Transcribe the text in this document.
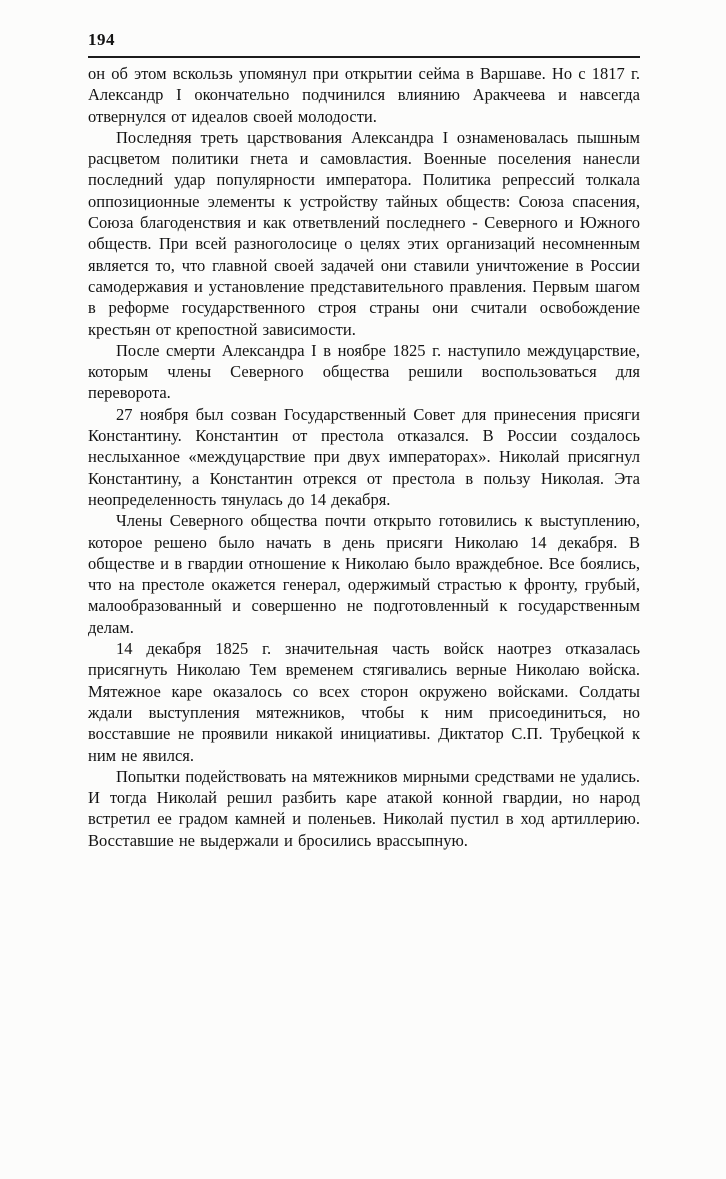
194

он об этом вскользь упомянул при открытии сейма в Варшаве. Но с 1817 г. Александр I окончательно подчинился влиянию Аракчеева и навсегда отвернулся от идеалов своей молодости.

Последняя треть царствования Александра I ознаменовалась пышным расцветом политики гнета и самовластия. Военные поселения нанесли последний удар популярности императора. Политика репрессий толкала оппозиционные элементы к устройству тайных обществ: Союза спасения, Союза благоденствия и как ответвлений последнего - Северного и Южного обществ. При всей разноголосице о целях этих организаций несомненным является то, что главной своей задачей они ставили уничтожение в России самодержавия и установление представительного правления. Первым шагом в реформе государственного строя страны они считали освобождение крестьян от крепостной зависимости.

После смерти Александра I в ноябре 1825 г. наступило междуцарствие, которым члены Северного общества решили воспользоваться для переворота.

27 ноября был созван Государственный Совет для принесения присяги Константину. Константин от престола отказался. В России создалось неслыханное «междуцарствие при двух императорах». Николай присягнул Константину, а Константин отрекся от престола в пользу Николая. Эта неопределенность тянулась до 14 декабря.

Члены Северного общества почти открыто готовились к выступлению, которое решено было начать в день присяги Николаю 14 декабря. В обществе и в гвардии отношение к Николаю было враждебное. Все боялись, что на престоле окажется генерал, одержимый страстью к фронту, грубый, малообразованный и совершенно не подготовленный к государственным делам.

14 декабря 1825 г. значительная часть войск наотрез отказалась присягнуть Николаю Тем временем стягивались верные Николаю войска. Мятежное каре оказалось со всех сторон окружено войсками. Солдаты ждали выступления мятежников, чтобы к ним присоединиться, но восставшие не проявили никакой инициативы. Диктатор С.П. Трубецкой к ним не явился.

Попытки подействовать на мятежников мирными средствами не удались. И тогда Николай решил разбить каре атакой конной гвардии, но народ встретил ее градом камней и поленьев. Николай пустил в ход артиллерию. Восставшие не выдержали и бросились врассыпную.
